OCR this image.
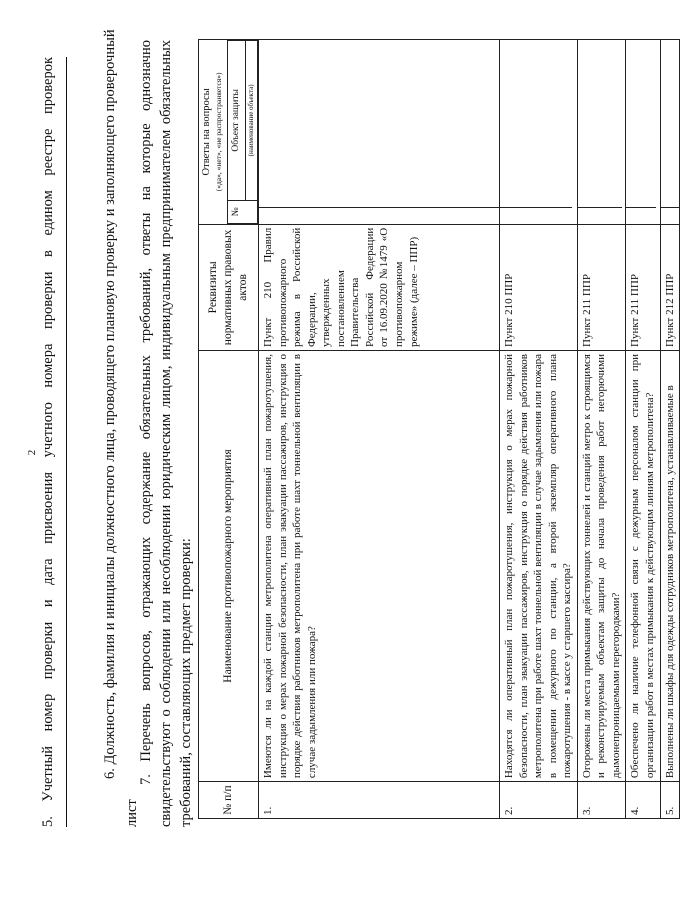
2 5. Учетный номер проверки и дата присвоения учетного номера проверки в едином реестре проверок	6. Должность, фамилия и инициалы должностного лица, проводящего плановую проверку и заполняющего проверочный
лист
7. Перечень вопросов, отражающих содержание обязательных требований, ответы на которые однозначно свидетельствуют о соблюдении или несоблюдении юридическим лицом, индивидуальным предпринимателем обязательных требований, составляющих предмет проверки: № п/п	Наименование противопожарного мероприятия	Реквизиты нормативных правовых актов	
Ответы на вопросы («да», «нет», «не распространяется»)
№	Объект защиты(наименование объекта)

1.	Имеются ли на каждой станции метрополитена оперативный план пожаротушения, инструкция о мерах пожарной безопасности, план эвакуации пассажиров, инструкция о порядке действия работников метрополитена при работе шахт тоннельной вентиляции в случае задымления или пожара?	Пункт 210 Правил противопожарного режима в Российской Федерации, утвержденных постановлением Правительства Российской Федерации от 16.09.2020 №1479 «О противопожарном режиме» (далее – ППР)	

2.	Находятся ли оперативный план пожаротушения, инструкция о мерах пожарной безопасности, план эвакуации пассажиров, инструкция о порядке действия работников метрополитена при работе шахт тоннельной вентиляции в случае задымления или пожара в помещении дежурного по станции, а второй экземпляр оперативного плана пожаротушения - в кассе у старшего кассира?	Пункт 210 ППР	

3.	Огорожены ли места примыкания действующих тоннелей и станций метро к строящимся и реконструируемым объектам защиты до начала проведения работ негорючими дымонепроницаемыми перегородками?	Пункт 211 ППР	

4.	Обеспечено ли наличие телефонной связи с дежурным персоналом станции при организации работ в местах примыкания к действующим линиям метрополитена?	Пункт 211 ППР	

5.	Выполнены ли шкафы для одежды сотрудников метрополитена, устанавливаемые в	Пункт 212 ППР	
